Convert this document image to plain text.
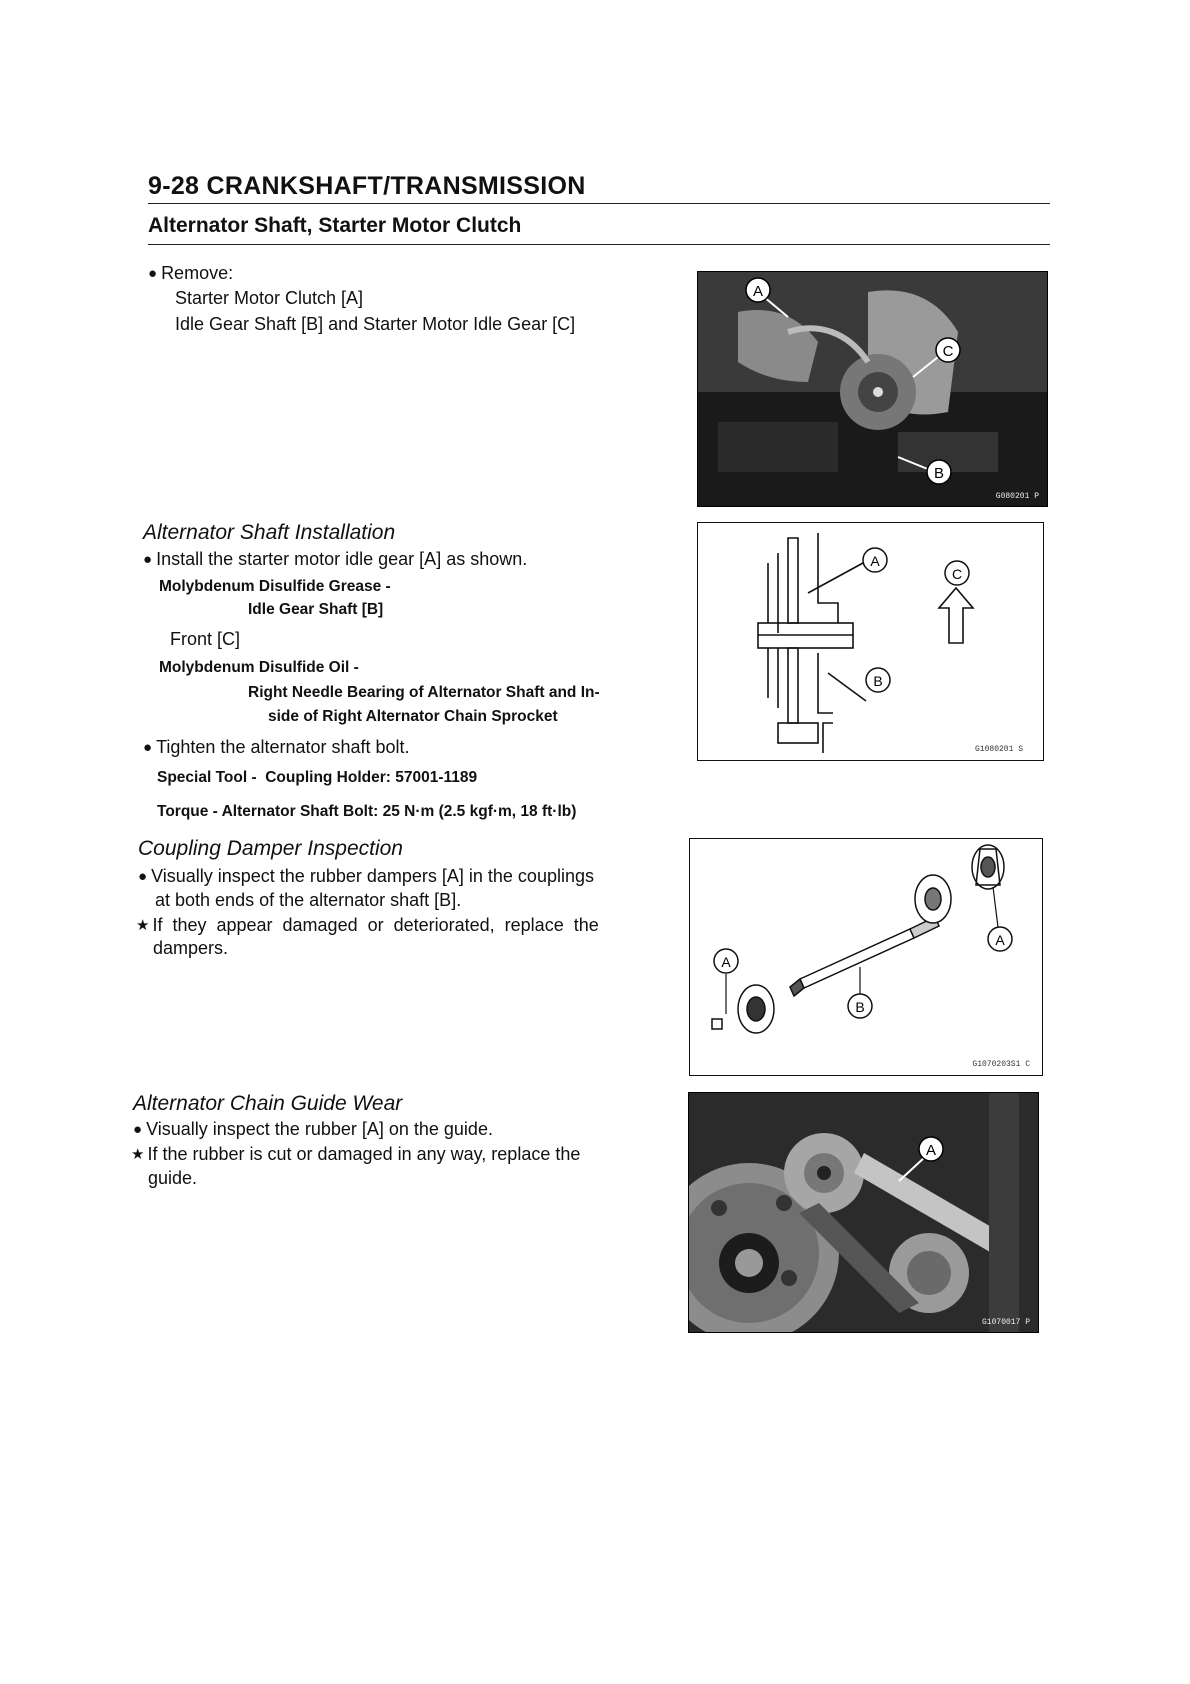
9-28 CRANKSHAFT/TRANSMISSION
Alternator Shaft, Starter Motor Clutch
● Remove:
Starter Motor Clutch [A]
Idle Gear Shaft [B] and Starter Motor Idle Gear [C]
A
C
B
G080201 P
Alternator Shaft Installation
● Install the starter motor idle gear [A] as shown.
Molybdenum Disulfide Grease -
Idle Gear Shaft [B]
Front [C]
Molybdenum Disulfide Oil -
Right Needle Bearing of Alternator Shaft and In-
side of Right Alternator Chain Sprocket
● Tighten the alternator shaft bolt.
Special Tool -  Coupling Holder: 57001-1189
Torque - Alternator Shaft Bolt: 25 N·m (2.5 kgf·m, 18 ft·lb)
A
C
B
G1080201 S
Coupling Damper Inspection
● Visually inspect the rubber dampers [A] in the couplings
at both ends of the alternator shaft [B].
★ If  they  appear  damaged  or  deteriorated,  replace  the
dampers.
A
A
B
G1070203S1 C
Alternator Chain Guide Wear
● Visually inspect the rubber [A] on the guide.
★ If the rubber is cut or damaged in any way, replace the
guide.
A
G1070017 P
